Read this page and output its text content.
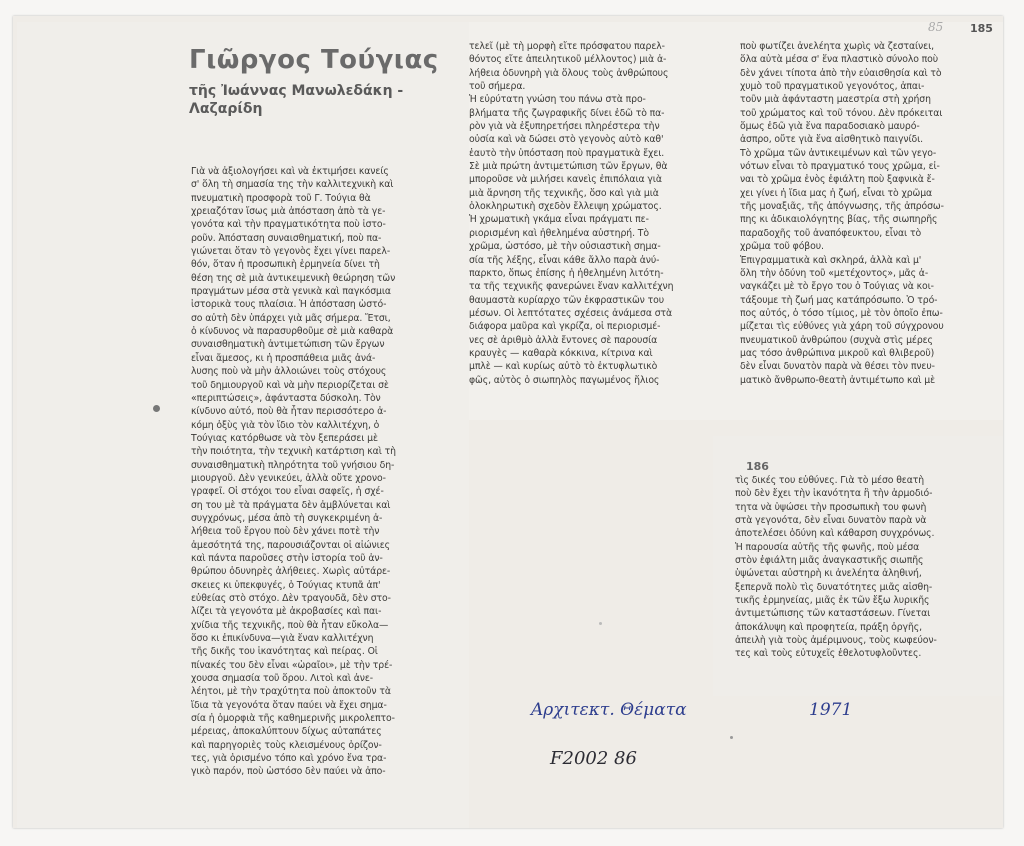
185
85
186
Γιῶργος Τούγιας
τῆς Ἰωάννας Μανωλεδάκη -
Λαζαρίδη
Γιὰ νὰ ἀξιολογήσει καὶ νὰ ἐκτιμήσει κανείς
σ' ὅλη τὴ σημασία της τὴν καλλιτεχνικὴ καὶ
πνευματικὴ προσφορὰ τοῦ Γ. Τούγια θὰ
χρειαζόταν ἴσως μιὰ ἀπόσταση ἀπὸ τὰ γε-
γονότα καὶ τὴν πραγματικότητα ποὺ ἱστο-
ροῦν. Ἀπόσταση συναισθηματική, ποὺ πα-
γιώνεται ὅταν τὸ γεγονὸς ἔχει γίνει παρελ-
θόν, ὅταν ἡ προσωπικὴ ἑρμηνεία δίνει τὴ
θέση της σὲ μιὰ ἀντικειμενικὴ θεώρηση τῶν
πραγμάτων μέσα στὰ γενικὰ καὶ παγκόσμια
ἱστορικὰ τους πλαίσια. Ἡ ἀπόσταση ὡστό-
σο αὐτὴ δὲν ὑπάρχει γιὰ μᾶς σήμερα. Ἔτσι,
ὁ κίνδυνος νὰ παρασυρθοῦμε σὲ μιὰ καθαρὰ
συναισθηματικὴ ἀντιμετώπιση τῶν ἔργων
εἶναι ἄμεσος, κι ἡ προσπάθεια μιᾶς ἀνά-
λυσης ποὺ νὰ μὴν ἀλλοιώνει τοὺς στόχους
τοῦ δημιουργοῦ καὶ νὰ μὴν περιορίζεται σὲ
«περιπτώσεις», ἀφάνταστα δύσκολη. Τὸν
κίνδυνο αὐτό, ποὺ θὰ ἦταν περισσότερο ἀ-
κόμη ὀξὺς γιὰ τὸν ἴδιο τὸν καλλιτέχνη, ὁ
Τούγιας κατόρθωσε νὰ τὸν ξεπεράσει μὲ
τὴν ποιότητα, τὴν τεχνικὴ κατάρτιση καὶ τὴ
συναισθηματικὴ πληρότητα τοῦ γνήσιου δη-
μιουργοῦ. Δὲν γενικεύει, ἀλλὰ οὔτε χρονο-
γραφεῖ. Οἱ στόχοι του εἶναι σαφεῖς, ἡ σχέ-
ση του μὲ τὰ πράγματα δὲν ἀμβλύνεται καὶ
συγχρόνως, μέσα ἀπὸ τὴ συγκεκριμένη ἀ-
λήθεια τοῦ ἔργου ποὺ δὲν χάνει ποτὲ τὴν
ἀμεσότητά της, παρουσιάζονται οἱ αἰώνιες
καὶ πάντα παροῦσες στὴν ἱστορία τοῦ ἀν-
θρώπου ὀδυνηρὲς ἀλήθειες. Χωρὶς αὐτάρε-
σκειες κι ὑπεκφυγές, ὁ Τούγιας κτυπᾶ ἀπ'
εὐθείας στὸ στόχο. Δὲν τραγουδᾶ, δὲν στο-
λίζει τὰ γεγονότα μὲ ἀκροβασίες καὶ παι-
χνίδια τῆς τεχνικῆς, ποὺ θὰ ἦταν εὔκολα—
ὅσο κι ἐπικίνδυνα—γιὰ ἕναν καλλιτέχνη
τῆς δικῆς του ἱκανότητας καὶ πείρας. Οἱ
πίνακές του δὲν εἶναι «ὡραῖοι», μὲ τὴν τρέ-
χουσα σημασία τοῦ ὅρου. Λιτοὶ καὶ ἀνε-
λέητοι, μὲ τὴν τραχύτητα ποὺ ἀποκτοῦν τὰ
ἴδια τὰ γεγονότα ὅταν παύει νὰ ἔχει σημα-
σία ἡ ὀμορφιὰ τῆς καθημερινῆς μικρολεπτο-
μέρειας, ἀποκαλύπτουν δίχως αὐταπάτες
καὶ παρηγοριὲς τοὺς κλεισμένους ὁρίζον-
τες, γιὰ ὁρισμένο τόπο καὶ χρόνο ἕνα τρα-
γικὸ παρόν, ποὺ ὡστόσο δὲν παύει νὰ ἀπο-
τελεῖ (μὲ τὴ μορφὴ εἴτε πρόσφατου παρελ-
θόντος εἴτε ἀπειλητικοῦ μέλλοντος) μιὰ ἀ-
λήθεια ὀδυνηρὴ γιὰ ὅλους τοὺς ἀνθρώπους
τοῦ σήμερα.
Ἡ εὐρύτατη γνώση του πάνω στὰ προ-
βλήματα τῆς ζωγραφικῆς δίνει ἐδῶ τὸ πα-
ρὸν γιὰ νὰ ἐξυπηρετήσει πληρέστερα τὴν
οὐσία καὶ νὰ δώσει στὸ γεγονὸς αὐτὸ καθ'
ἑαυτὸ τὴν ὑπόσταση ποὺ πραγματικὰ ἔχει.
Σὲ μιὰ πρώτη ἀντιμετώπιση τῶν ἔργων, θὰ
μποροῦσε νὰ μιλήσει κανεὶς ἐπιπόλαια γιὰ
μιὰ ἄρνηση τῆς τεχνικῆς, ὅσο καὶ γιὰ μιὰ
ὁλοκληρωτικὴ σχεδὸν ἔλλειψη χρώματος.
Ἡ χρωματικὴ γκάμα εἶναι πράγματι πε-
ριορισμένη καὶ ἠθελημένα αὐστηρή. Τὸ
χρῶμα, ὡστόσο, μὲ τὴν οὐσιαστικὴ σημα-
σία τῆς λέξης, εἶναι κάθε ἄλλο παρὰ ἀνύ-
παρκτο, ὅπως ἐπίσης ἡ ἠθελημένη λιτότη-
τα τῆς τεχνικῆς φανερώνει ἕναν καλλιτέχνη
θαυμαστὰ κυρίαρχο τῶν ἐκφραστικῶν του
μέσων. Οἱ λεπτότατες σχέσεις ἀνάμεσα στὰ
διάφορα μαῦρα καὶ γκρίζα, οἱ περιορισμέ-
νες σὲ ἀριθμὸ ἀλλὰ ἔντονες σὲ παρουσία
κραυγὲς — καθαρὰ κόκκινα, κίτρινα καὶ
μπλὲ — καὶ κυρίως αὐτὸ τὸ ἐκτυφλωτικὸ
φῶς, αὐτὸς ὁ σιωπηλὸς παγωμένος ἥλιος
ποὺ φωτίζει ἀνελέητα χωρὶς νὰ ζεσταίνει,
ὅλα αὐτὰ μέσα σ' ἕνα πλαστικὸ σύνολο ποὺ
δὲν χάνει τίποτα ἀπὸ τὴν εὐαισθησία καὶ τὸ
χυμὸ τοῦ πραγματικοῦ γεγονότος, ἀπαι-
τοῦν μιὰ ἀφάνταστη μαεστρία στὴ χρήση
τοῦ χρώματος καὶ τοῦ τόνου. Δὲν πρόκειται
ὅμως ἐδῶ γιὰ ἕνα παραδοσιακὸ μαυρό-
ἀσπρο, οὔτε γιὰ ἕνα αἰσθητικὸ παιγνίδι.
Τὸ χρῶμα τῶν ἀντικειμένων καὶ τῶν γεγο-
νότων εἶναι τὸ πραγματικό τους χρῶμα, εἰ-
ναι τὸ χρῶμα ἑνὸς ἐφιάλτη ποὺ ξαφνικὰ ἔ-
χει γίνει ἡ ἴδια μας ἡ ζωή, εἶναι τὸ χρῶμα
τῆς μοναξιᾶς, τῆς ἀπόγνωσης, τῆς ἀπρόσω-
πης κι ἀδικαιολόγητης βίας, τῆς σιωπηρῆς
παραδοχῆς τοῦ ἀναπόφευκτου, εἶναι τὸ
χρῶμα τοῦ φόβου.
Ἐπιγραμματικὰ καὶ σκληρά, ἀλλὰ καὶ μ'
ὅλη τὴν ὀδύνη τοῦ «μετέχοντος», μᾶς ἀ-
ναγκάζει μὲ τὸ ἔργο του ὁ Τούγιας νὰ κοι-
τάξουμε τὴ ζωή μας κατάπρόσωπο. Ὁ τρό-
πος αὐτός, ὁ τόσο τίμιος, μὲ τὸν ὁποῖο ἐπω-
μίζεται τὶς εὐθύνες γιὰ χάρη τοῦ σύγχρονου
πνευματικοῦ ἀνθρώπου (συχνὰ στὶς μέρες
μας τόσο ἀνθρώπινα μικροῦ καὶ θλιβεροῦ)
δὲν εἶναι δυνατὸν παρὰ νὰ θέσει τὸν πνευ-
ματικὸ ἄνθρωπο-θεατὴ ἀντιμέτωπο καὶ μὲ
τὶς δικές του εὐθύνες. Γιὰ τὸ μέσο θεατὴ
ποὺ δὲν ἔχει τὴν ἱκανότητα ἢ τὴν ἁρμοδιό-
τητα νὰ ὑψώσει τὴν προσωπικὴ του φωνὴ
στὰ γεγονότα, δὲν εἶναι δυνατὸν παρὰ νὰ
ἀποτελέσει ὀδύνη καὶ κάθαρση συγχρόνως.
Ἡ παρουσία αὐτῆς τῆς φωνῆς, ποὺ μέσα
στὸν ἐφιάλτη μιᾶς ἀναγκαστικῆς σιωπῆς
ὑψώνεται αὐστηρὴ κι ἀνελέητα ἀληθινή,
ξεπερνᾶ πολὺ τὶς δυνατότητες μιᾶς αἰσθη-
τικῆς ἑρμηνείας, μιᾶς ἐκ τῶν ἔξω λυρικῆς
ἀντιμετώπισης τῶν καταστάσεων. Γίνεται
ἀποκάλυψη καὶ προφητεία, πράξη ὀργῆς,
ἀπειλὴ γιὰ τοὺς ἀμέριμνους, τοὺς κωφεύον-
τες καὶ τοὺς εὐτυχεῖς ἐθελοτυφλοῦντες.
Αρχιτεκτ. Θέματα	1971
F2002 86
